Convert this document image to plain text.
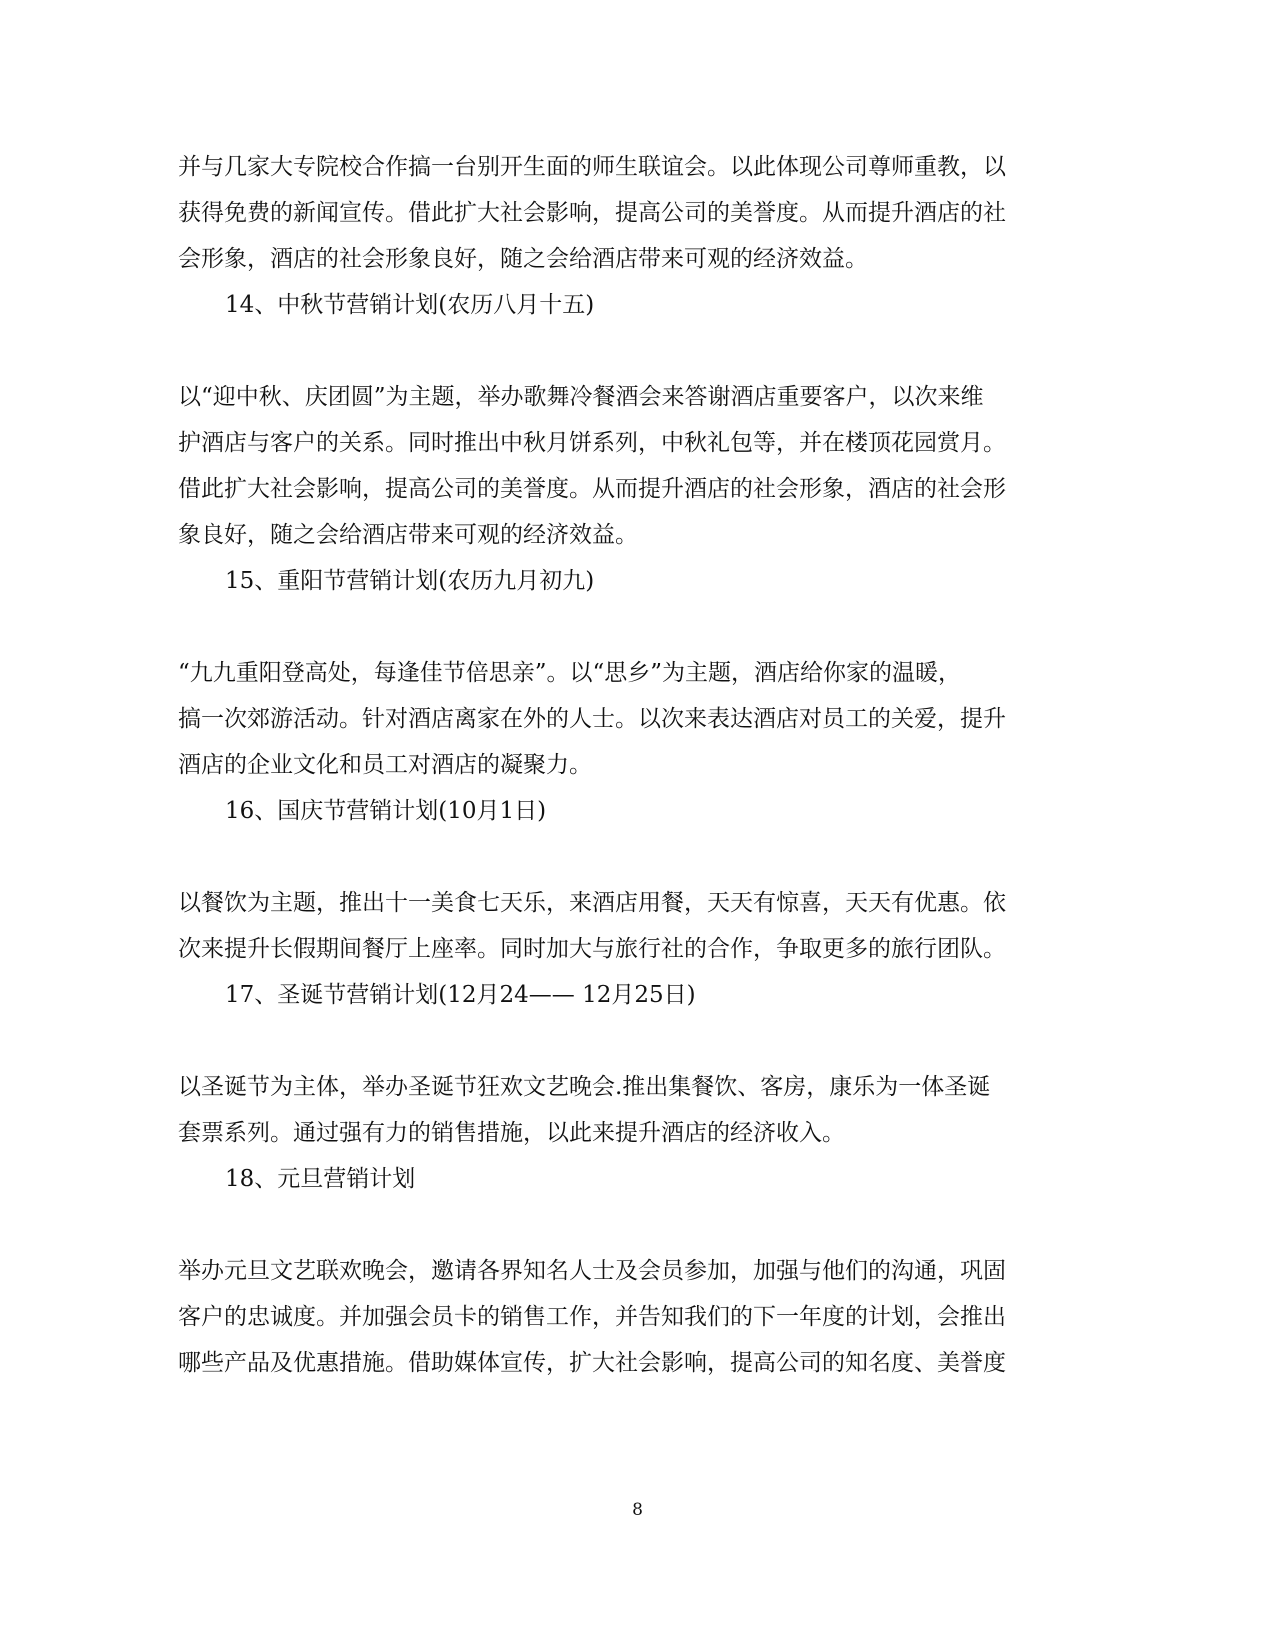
并与几家大专院校合作搞一台别开生面的师生联谊会。以此体现公司尊师重教，以
获得免费的新闻宣传。借此扩大社会影响，提高公司的美誉度。从而提升酒店的社
会形象，酒店的社会形象良好，随之会给酒店带来可观的经济效益。
14、中秋节营销计划(农历八月十五)
以“迎中秋、庆团圆”为主题，举办歌舞冷餐酒会来答谢酒店重要客户，以次来维
护酒店与客户的关系。同时推出中秋月饼系列，中秋礼包等，并在楼顶花园赏月。
借此扩大社会影响，提高公司的美誉度。从而提升酒店的社会形象，酒店的社会形
象良好，随之会给酒店带来可观的经济效益。
15、重阳节营销计划(农历九月初九)
“九九重阳登高处，每逢佳节倍思亲”。以“思乡”为主题，酒店给你家的温暖，
搞一次郊游活动。针对酒店离家在外的人士。以次来表达酒店对员工的关爱，提升
酒店的企业文化和员工对酒店的凝聚力。
16、国庆节营销计划(10月1日)
以餐饮为主题，推出十一美食七天乐，来酒店用餐，天天有惊喜，天天有优惠。依
次来提升长假期间餐厅上座率。同时加大与旅行社的合作，争取更多的旅行团队。
17、圣诞节营销计划(12月24—— 12月25日)
以圣诞节为主体，举办圣诞节狂欢文艺晚会.推出集餐饮、客房，康乐为一体圣诞
套票系列。通过强有力的销售措施，以此来提升酒店的经济收入。
18、元旦营销计划
举办元旦文艺联欢晚会，邀请各界知名人士及会员参加，加强与他们的沟通，巩固
客户的忠诚度。并加强会员卡的销售工作，并告知我们的下一年度的计划，会推出
哪些产品及优惠措施。借助媒体宣传，扩大社会影响，提高公司的知名度、美誉度
8
